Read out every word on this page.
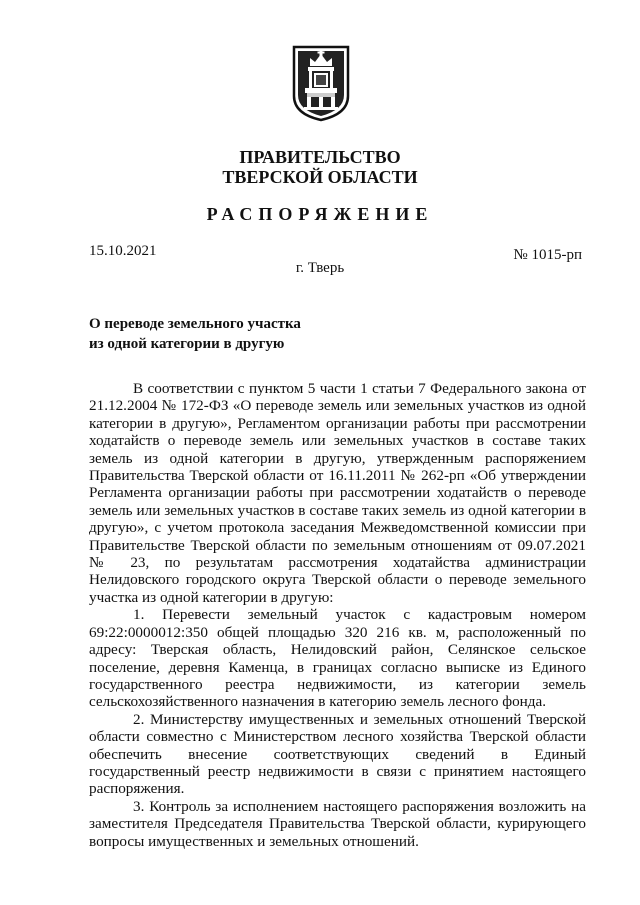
ПРАВИТЕЛЬСТВО
ТВЕРСКОЙ ОБЛАСТИ
РАСПОРЯЖЕНИЕ
15.10.2021	№ 1015-рп
г. Тверь
О переводе земельного участка
из одной категории в другую

В соответствии с пунктом 5 части 1 статьи 7 Федерального закона от 21.12.2004 № 172-ФЗ «О переводе земель или земельных участков из одной категории в другую», Регламентом организации работы при рассмотрении ходатайств о переводе земель или земельных участков в составе таких земель из одной категории в другую, утвержденным распоряжением Правительства Тверской области от 16.11.2011 № 262-рп «Об утверждении Регламента организации работы при рассмотрении ходатайств о переводе земель или земельных участков в составе таких земель из одной категории в другую», с учетом протокола заседания Межведомственной комиссии при Правительстве Тверской области по земельным отношениям от 09.07.2021 № 23, по результатам рассмотрения ходатайства администрации Нелидовского городского округа Тверской области о переводе земельного участка из одной категории в другую:

1. Перевести земельный участок с кадастровым номером 69:22:0000012:350 общей площадью 320 216 кв. м, расположенный по адресу: Тверская область, Нелидовский район, Селянское сельское поселение, деревня Каменца, в границах согласно выписке из Единого государственного реестра недвижимости, из категории земель сельскохозяйственного назначения в категорию земель лесного фонда.

2. Министерству имущественных и земельных отношений Тверской области совместно с Министерством лесного хозяйства Тверской области обеспечить внесение соответствующих сведений в Единый государственный реестр недвижимости в связи с принятием настоящего распоряжения.

3. Контроль за исполнением настоящего распоряжения возложить на заместителя Председателя Правительства Тверской области, курирующего вопросы имущественных и земельных отношений.
